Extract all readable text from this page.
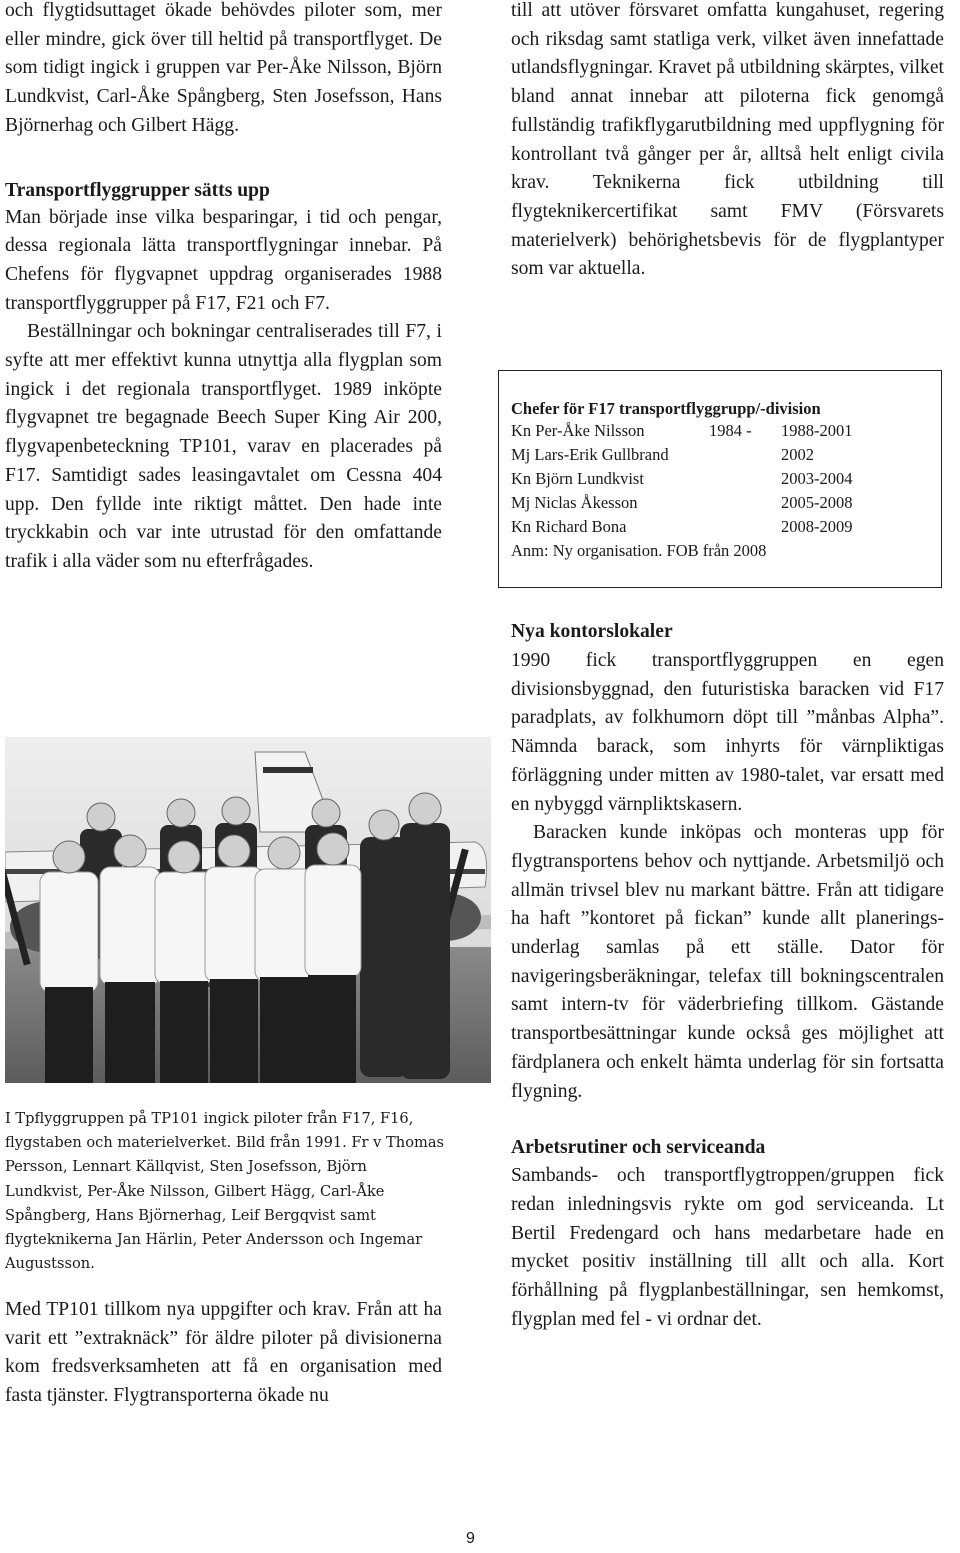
och flygtidsuttaget ökade behövdes piloter som, mer eller mindre, gick över till heltid på transportflyget. De som tidigt ingick i gruppen var Per-Åke Nilsson, Björn Lundkvist, Carl-Åke Spångberg, Sten Josefsson, Hans Björnerhag och Gilbert Hägg.

Transportflyggrupper sätts upp

Man började inse vilka besparingar, i tid och pengar, dessa regionala lätta transportflygningar innebar. På Chefens för flygvapnet uppdrag organiserades 1988 transportflyggrupper på F17, F21 och F7.

Beställningar och bokningar centraliserades till F7, i syfte att mer effektivt kunna utnyttja alla flygplan som ingick i det regionala transportflyget. 1989 inköpte flygvapnet tre begagnade Beech Super King Air 200, flygvapenbeteckning TP101, varav en placerades på F17. Samtidigt sades leasingavtalet om Cessna 404 upp. Den fyllde inte riktigt måttet. Den hade inte tryckkabin och var inte utrustad för den omfattande trafik i alla väder som nu efterfrågades.

I Tpflyggruppen på TP101 ingick piloter från F17, F16, flygstaben och materielverket. Bild från 1991. Fr v Thomas Persson, Lennart Källqvist, Sten Josefsson, Björn Lundkvist, Per-Åke Nilsson, Gilbert Hägg, Carl-Åke Spångberg, Hans Björnerhag, Leif Bergqvist samt flygteknikerna Jan Härlin, Peter Andersson och Ingemar Augustsson.

Med TP101 tillkom nya uppgifter och krav. Från att ha varit ett ”extraknäck” för äldre piloter på divisionerna kom fredsverksamheten att få en organisation med fasta tjänster. Flygtransporterna ökade nu

till att utöver försvaret omfatta kungahuset, regering och riksdag samt statliga verk, vilket även innefattade utlandsflygningar. Kravet på utbildning skärptes, vilket bland annat innebar att piloterna fick genomgå fullständig trafikflygarutbildning med uppflygning för kontrollant två gånger per år, alltså helt enligt civila krav. Teknikerna fick utbildning till flygteknikercertifikat samt FMV (Försvarets materielverk) behörighetsbevis för de flygplantyper som var aktuella.

Chefer för F17 transportflyggrupp/-division
Kn Per-Åke Nilsson	1984 - 1988-2001
Mj Lars-Erik Gullbrand	2002
Kn Björn Lundkvist	2003-2004
Mj Niclas Åkesson	2005-2008
Kn Richard Bona	2008-2009
Anm: Ny organisation. FOB från 2008
Nya kontorslokaler

1990 fick transportflyggruppen en egen divisionsbyggnad, den futuristiska baracken vid F17 paradplats, av folkhumorn döpt till ”månbas Alpha”. Nämnda barack, som inhyrts för värnpliktigas förläggning under mitten av 1980-talet, var ersatt med en nybyggd värnpliktskasern.

Baracken kunde inköpas och monteras upp för flygtransportens behov och nyttjande. Arbetsmiljö och allmän trivsel blev nu markant bättre. Från att tidigare ha haft ”kontoret på fickan” kunde allt planeringsunderlag samlas på ett ställe. Dator för navigeringsberäkningar, telefax till bokningscentralen samt intern-tv för väderbriefing tillkom. Gästande transportbesättningar kunde också ges möjlighet att färdplanera och enkelt hämta underlag för sin fortsatta flygning.

Arbetsrutiner och serviceanda

Sambands- och transportflygtroppen/gruppen fick redan inledningsvis rykte om god serviceanda. Lt Bertil Fredengard och hans medarbetare hade en mycket positiv inställning till allt och alla. Kort förhållning på flygplanbeställningar, sen hemkomst, flygplan med fel - vi ordnar det.

9
